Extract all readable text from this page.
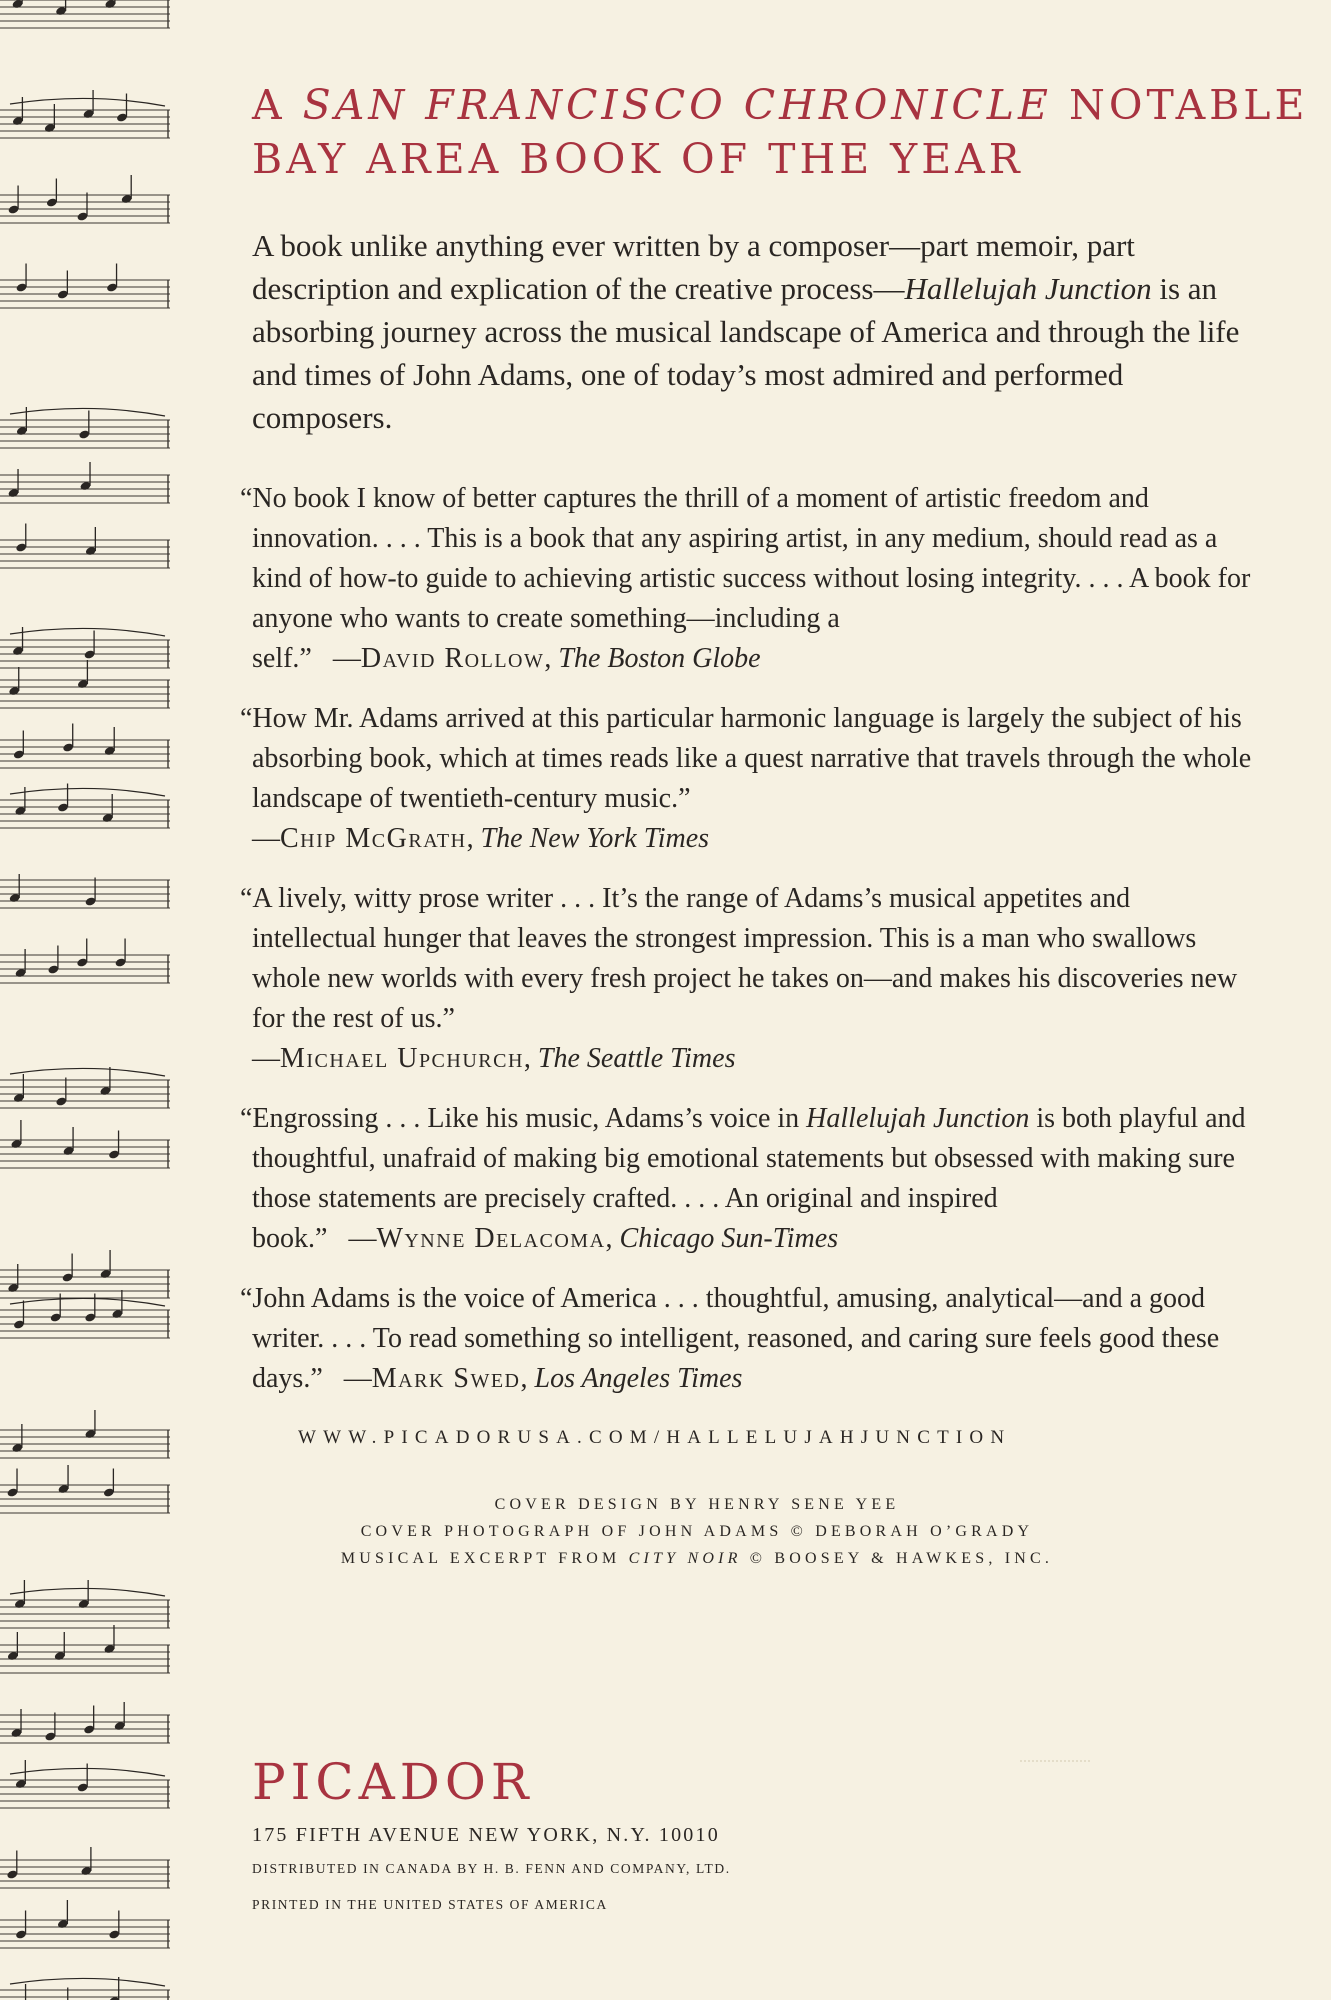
A SAN FRANCISCO CHRONICLE NOTABLE
BAY AREA BOOK OF THE YEAR

A book unlike anything ever written by a composer—part memoir, part description and explication of the creative process—Hallelujah Junction is an absorbing journey across the musical landscape of America and through the life and times of John Adams, one of today’s most admired and performed composers.

“No book I know of better captures the thrill of a moment of artistic freedom and innovation. . . . This is a book that any aspiring artist, in any medium, should read as a kind of how-to guide to achieving artistic success without losing integrity. . . . A book for anyone who wants to create something—including a self.” —David Rollow, The Boston Globe

“How Mr. Adams arrived at this particular harmonic language is largely the subject of his absorbing book, which at times reads like a quest narrative that travels through the whole landscape of twentieth-century music.”
—Chip McGrath, The New York Times

“A lively, witty prose writer . . . It’s the range of Adams’s musical appetites and intellectual hunger that leaves the strongest impression. This is a man who swallows whole new worlds with every fresh project he takes on—and makes his discoveries new for the rest of us.”
—Michael Upchurch, The Seattle Times

“Engrossing . . . Like his music, Adams’s voice in Hallelujah Junction is both playful and thoughtful, unafraid of making big emotional statements but obsessed with making sure those statements are precisely crafted. . . . An original and inspired book.” —Wynne Delacoma, Chicago Sun-Times

“John Adams is the voice of America . . . thoughtful, amusing, analytical—and a good writer. . . . To read something so intelligent, reasoned, and caring sure feels good these days.” —Mark Swed, Los Angeles Times

WWW.PICADORUSA.COM/HALLELUJAHJUNCTION
COVER DESIGN BY HENRY SENE YEE
COVER PHOTOGRAPH OF JOHN ADAMS © DEBORAH O’GRADY
MUSICAL EXCERPT FROM CITY NOIR © BOOSEY & HAWKES, INC.
PICADOR
175 FIFTH AVENUE NEW YORK, N.Y. 10010
DISTRIBUTED IN CANADA BY H. B. FENN AND COMPANY, LTD.
PRINTED IN THE UNITED STATES OF AMERICA
